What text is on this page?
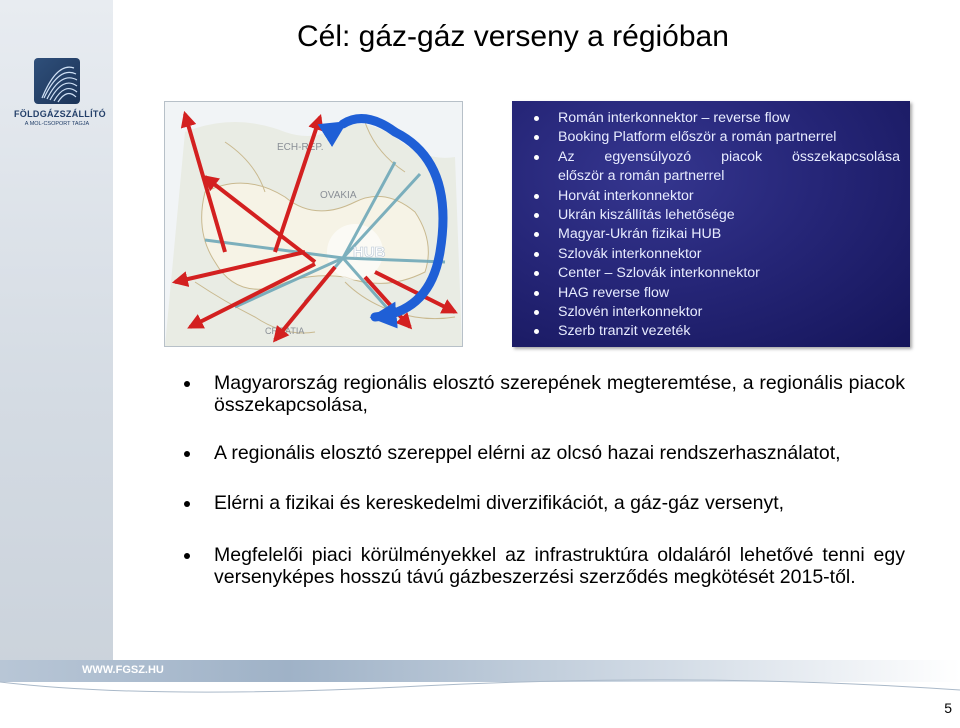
FÖLDGÁZSZÁLLÍTÓ
A MOL-CSOPORT TAGJA
Cél: gáz-gáz verseny a régióban
ECH-REP.
OVAKIA
CROATIA
HUB
Román interkonnektor – reverse flow
Booking Platform először a román partnerrel
Az egyensúlyozó piacok összekapcsolása
először a román partnerrel
Horvát interkonnektor
Ukrán kiszállítás lehetősége
Magyar-Ukrán fizikai HUB
Szlovák interkonnektor
Center – Szlovák interkonnektor
HAG reverse flow
Szlovén interkonnektor
Szerb tranzit vezeték
Magyarország regionális elosztó szerepének megteremtése, a regionális piacok összekapcsolása,
A regionális elosztó szereppel elérni az olcsó hazai rendszerhasználatot,
Elérni a fizikai és kereskedelmi diverzifikációt, a gáz-gáz versenyt,
Megfelelői piaci körülményekkel az infrastruktúra oldaláról lehetővé tenni egy versenyképes hosszú távú gázbeszerzési szerződés megkötését 2015-től.
WWW.FGSZ.HU
5
